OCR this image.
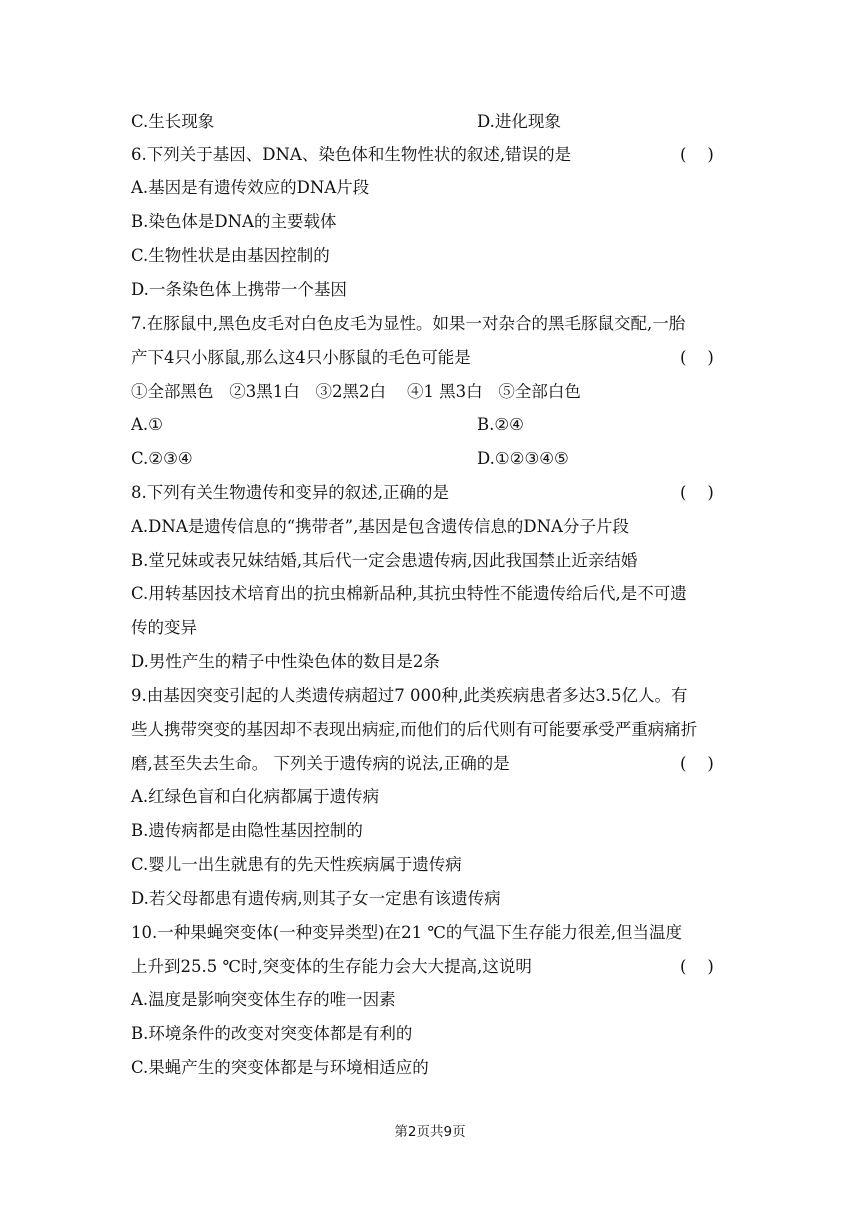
C.生长现象	D.进化现象
6.下列关于基因、DNA、染色体和生物性状的叙述,错误的是	(    )
A.基因是有遗传效应的DNA片段
B.染色体是DNA的主要载体
C.生物性状是由基因控制的
D.一条染色体上携带一个基因
7.在豚鼠中,黑色皮毛对白色皮毛为显性。如果一对杂合的黑毛豚鼠交配,一胎
产下4只小豚鼠,那么这4只小豚鼠的毛色可能是	(    )
①全部黑色   ②3黑1白   ③2黑2白    ④1 黑3白   ⑤全部白色
A.①	B.②④
C.②③④	D.①②③④⑤
8.下列有关生物遗传和变异的叙述,正确的是	(    )
A.DNA是遗传信息的“携带者”,基因是包含遗传信息的DNA分子片段
B.堂兄妹或表兄妹结婚,其后代一定会患遗传病,因此我国禁止近亲结婚
C.用转基因技术培育出的抗虫棉新品种,其抗虫特性不能遗传给后代,是不可遗
传的变异
D.男性产生的精子中性染色体的数目是2条
9.由基因突变引起的人类遗传病超过7 000种,此类疾病患者多达3.5亿人。有
些人携带突变的基因却不表现出病症,而他们的后代则有可能要承受严重病痛折
磨,甚至失去生命。 下列关于遗传病的说法,正确的是	(    )
A.红绿色盲和白化病都属于遗传病
B.遗传病都是由隐性基因控制的
C.婴儿一出生就患有的先天性疾病属于遗传病
D.若父母都患有遗传病,则其子女一定患有该遗传病
10.一种果蝇突变体(一种变异类型)在21 ℃的气温下生存能力很差,但当温度
上升到25.5 ℃时,突变体的生存能力会大大提高,这说明	(    )
A.温度是影响突变体生存的唯一因素
B.环境条件的改变对突变体都是有利的
C.果蝇产生的突变体都是与环境相适应的
第2页共9页
